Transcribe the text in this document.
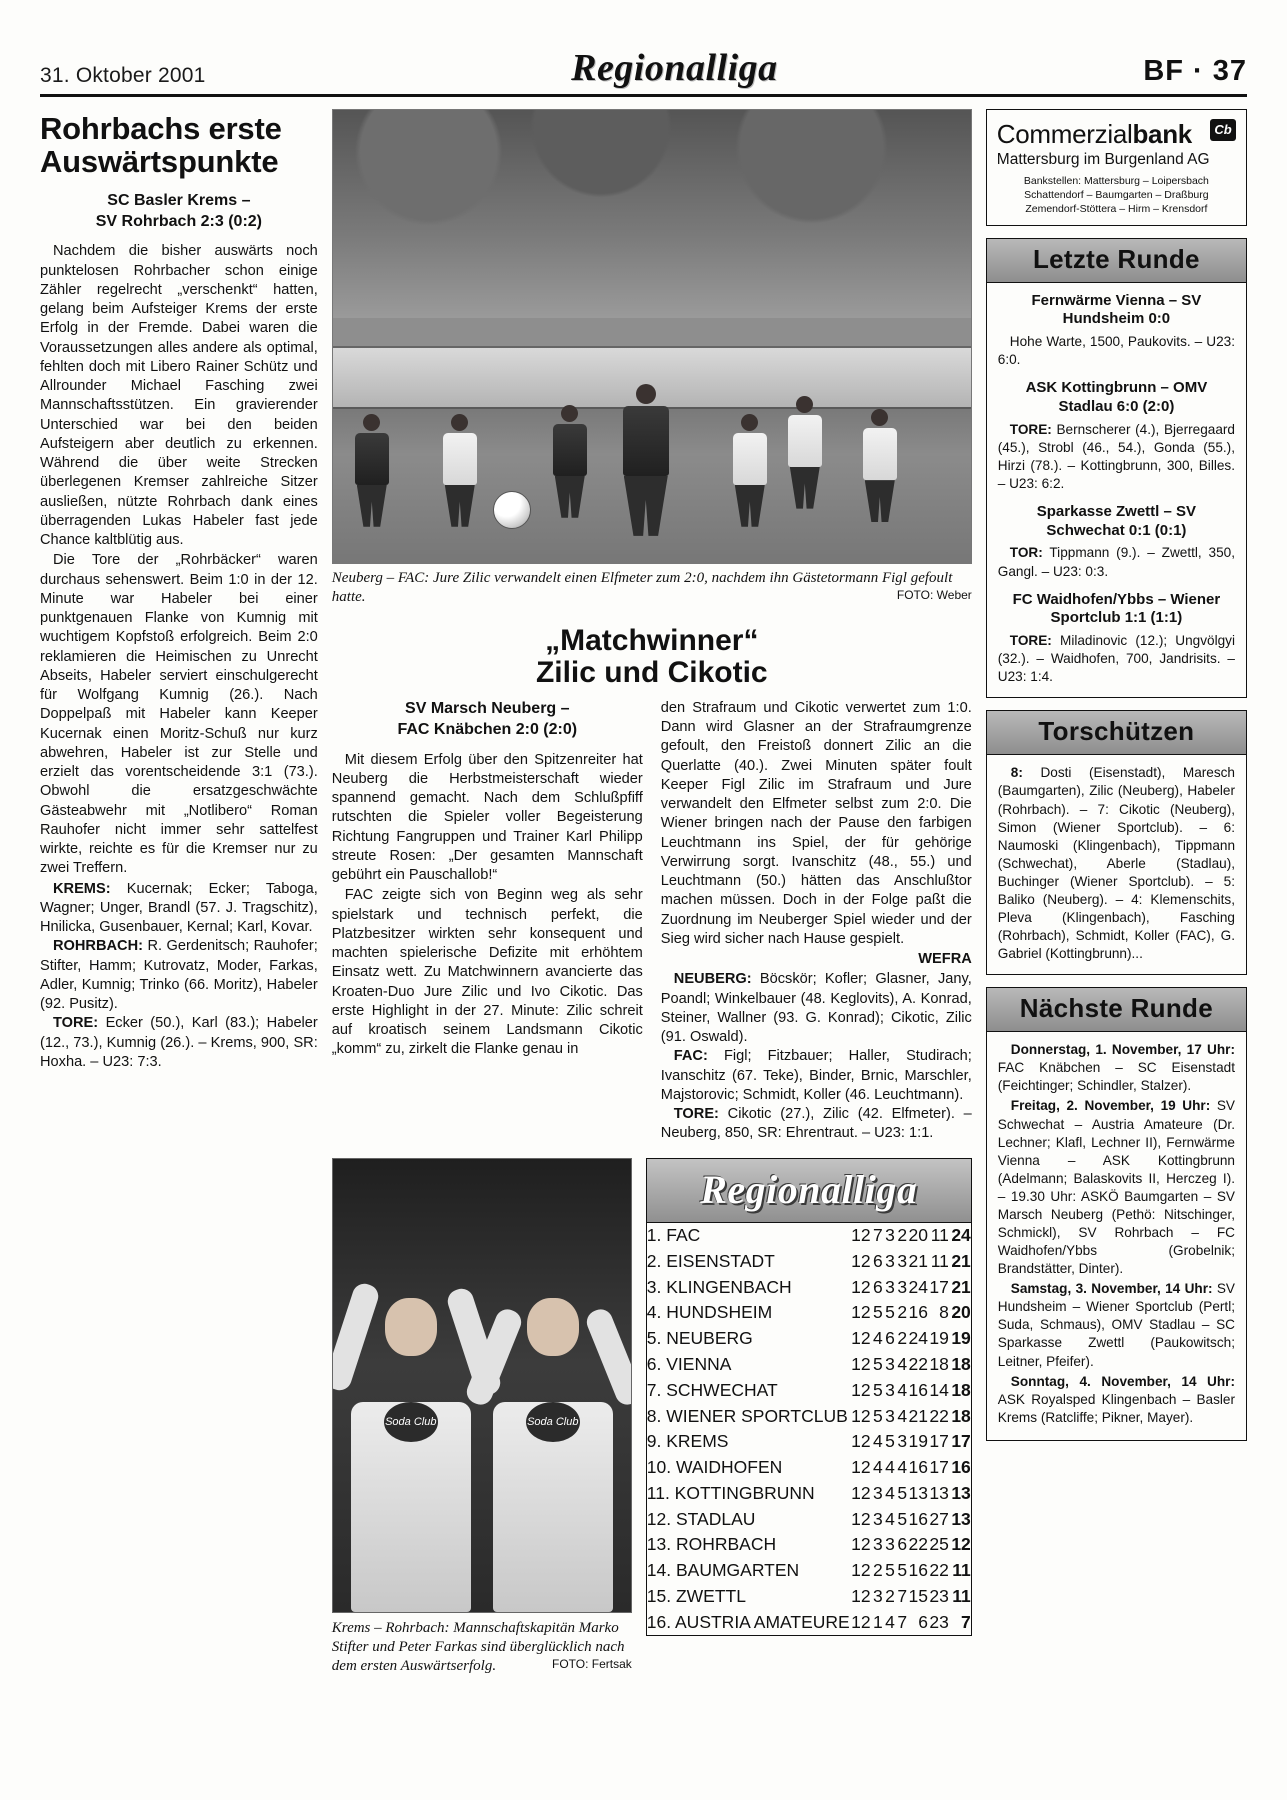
31. Oktober 2001	Regionalliga	BF · 37
Rohrbachs erste Auswärtspunkte
SC Basler Krems –
SV Rohrbach 2:3 (0:2)

Nachdem die bisher auswärts noch punktelosen Rohrbacher schon einige Zähler regelrecht „verschenkt“ hatten, gelang beim Aufsteiger Krems der erste Erfolg in der Fremde. Dabei waren die Voraussetzungen alles andere als optimal, fehlten doch mit Libero Rainer Schütz und Allrounder Michael Fasching zwei Mannschaftsstützen. Ein gravierender Unterschied war bei den beiden Aufsteigern aber deutlich zu erkennen. Während die über weite Strecken überlegenen Kremser zahlreiche Sitzer ausließen, nützte Rohrbach dank eines überragenden Lukas Habeler fast jede Chance kaltblütig aus.

Die Tore der „Rohrbäcker“ waren durchaus sehenswert. Beim 1:0 in der 12. Minute war Habeler bei einer punktgenauen Flanke von Kumnig mit wuchtigem Kopfstoß erfolgreich. Beim 2:0 reklamieren die Heimischen zu Unrecht Abseits, Habeler serviert einschulgerecht für Wolfgang Kumnig (26.). Nach Doppelpaß mit Habeler kann Keeper Kucernak einen Moritz-Schuß nur kurz abwehren, Habeler ist zur Stelle und erzielt das vorentscheidende 3:1 (73.). Obwohl die ersatzgeschwächte Gästeabwehr mit „Notlibero“ Roman Rauhofer nicht immer sehr sattelfest wirkte, reichte es für die Kremser nur zu zwei Treffern.

KREMS: Kucernak; Ecker; Taboga, Wagner; Unger, Brandl (57. J. Tragschitz), Hnilicka, Gusenbauer, Kernal; Karl, Kovar.

ROHRBACH: R. Gerdenitsch; Rauhofer; Stifter, Hamm; Kutrovatz, Moder, Farkas, Adler, Kumnig; Trinko (66. Moritz), Habeler (92. Pusitz).

TORE: Ecker (50.), Karl (83.); Habeler (12., 73.), Kumnig (26.). – Krems, 900, SR: Hoxha. – U23: 7:3.

Neuberg – FAC: Jure Zilic verwandelt einen Elfmeter zum 2:0, nachdem ihn Gästetormann Figl gefoult hatte.	FOTO: Weber
„Matchwinner“
Zilic und Cikotic
SV Marsch Neuberg –
FAC Knäbchen 2:0 (2:0)

Mit diesem Erfolg über den Spitzenreiter hat Neuberg die Herbstmeisterschaft wieder spannend gemacht. Nach dem Schlußpfiff rutschten die Spieler voller Begeisterung Richtung Fangruppen und Trainer Karl Philipp streute Rosen: „Der gesamten Mannschaft gebührt ein Pauschallob!“

FAC zeigte sich von Beginn weg als sehr spielstark und technisch perfekt, die Platzbesitzer wirkten sehr konsequent und machten spielerische Defizite mit erhöhtem Einsatz wett. Zu Matchwinnern avancierte das Kroaten-Duo Jure Zilic und Ivo Cikotic. Das erste Highlight in der 27. Minute: Zilic schreit auf kroatisch seinem Landsmann Cikotic „komm“ zu, zirkelt die Flanke genau in

den Strafraum und Cikotic verwertet zum 1:0. Dann wird Glasner an der Strafraumgrenze gefoult, den Freistoß donnert Zilic an die Querlatte (40.). Zwei Minuten später foult Keeper Figl Zilic im Strafraum und Jure verwandelt den Elfmeter selbst zum 2:0. Die Wiener bringen nach der Pause den farbigen Leuchtmann ins Spiel, der für gehörige Verwirrung sorgt. Ivanschitz (48., 55.) und Leuchtmann (50.) hätten das Anschlußtor machen müssen. Doch in der Folge paßt die Zuordnung im Neuberger Spiel wieder und der Sieg wird sicher nach Hause gespielt.

WEFRA

NEUBERG: Böcskör; Kofler; Glasner, Jany, Poandl; Winkelbauer (48. Keglovits), A. Konrad, Steiner, Wallner (93. G. Konrad); Cikotic, Zilic (91. Oswald).

FAC: Figl; Fitzbauer; Haller, Studirach; Ivanschitz (67. Teke), Binder, Brnic, Marschler, Majstorovic; Schmidt, Koller (46. Leuchtmann).

TORE: Cikotic (27.), Zilic (42. Elfmeter). – Neuberg, 850, SR: Ehrentraut. – U23: 1:1.

Soda Club	Soda Club
Krems – Rohrbach: Mannschaftskapitän Marko Stifter und Peter Farkas sind überglücklich nach dem ersten Auswärtserfolg.	FOTO: Fertsak
Regionalliga
1. FAC	12	7	3	2	20	11	24
2. EISENSTADT	12	6	3	3	21	11	21
3. KLINGENBACH	12	6	3	3	24	17	21
4. HUNDSHEIM	12	5	5	2	16	8	20
5. NEUBERG	12	4	6	2	24	19	19
6. VIENNA	12	5	3	4	22	18	18
7. SCHWECHAT	12	5	3	4	16	14	18
8. WIENER SPORTCLUB	12	5	3	4	21	22	18
9. KREMS	12	4	5	3	19	17	17
10. WAIDHOFEN	12	4	4	4	16	17	16
11. KOTTINGBRUNN	12	3	4	5	13	13	13
12. STADLAU	12	3	4	5	16	27	13
13. ROHRBACH	12	3	3	6	22	25	12
14. BAUMGARTEN	12	2	5	5	16	22	11
15. ZWETTL	12	3	2	7	15	23	11
16. AUSTRIA AMATEURE	12	1	4	7	6	23	7
Cb
Commerzialbank
Mattersburg im Burgenland AG
Bankstellen: Mattersburg – Loipersbach
Schattendorf – Baumgarten – Draßburg
Zemendorf-Stöttera – Hirm – Krensdorf
Letzte Runde
Fernwärme Vienna – SV Hundsheim 0:0

Hohe Warte, 1500, Paukovits. – U23: 6:0.

ASK Kottingbrunn – OMV Stadlau 6:0 (2:0)

TORE: Bernscherer (4.), Bjerregaard (45.), Strobl (46., 54.), Gonda (55.), Hirzi (78.). – Kottingbrunn, 300, Billes. – U23: 6:2.

Sparkasse Zwettl – SV Schwechat 0:1 (0:1)

TOR: Tippmann (9.). – Zwettl, 350, Gangl. – U23: 0:3.

FC Waidhofen/Ybbs – Wiener Sportclub 1:1 (1:1)

TORE: Miladinovic (12.); Ungvölgyi (32.). – Waidhofen, 700, Jandrisits. – U23: 1:4.

Torschützen

8: Dosti (Eisenstadt), Maresch (Baumgarten), Zilic (Neuberg), Habeler (Rohrbach). – 7: Cikotic (Neuberg), Simon (Wiener Sportclub). – 6: Naumoski (Klingenbach), Tippmann (Schwechat), Aberle (Stadlau), Buchinger (Wiener Sportclub). – 5: Baliko (Neuberg). – 4: Klemenschits, Pleva (Klingenbach), Fasching (Rohrbach), Schmidt, Koller (FAC), G. Gabriel (Kottingbrunn)...

Nächste Runde

Donnerstag, 1. November, 17 Uhr: FAC Knäbchen – SC Eisenstadt (Feichtinger; Schindler, Stalzer).

Freitag, 2. November, 19 Uhr: SV Schwechat – Austria Amateure (Dr. Lechner; Klafl, Lechner II), Fernwärme Vienna – ASK Kottingbrunn (Adelmann; Balaskovits II, Herczeg I). – 19.30 Uhr: ASKÖ Baumgarten – SV Marsch Neuberg (Pethö: Nitschinger, Schmickl), SV Rohrbach – FC Waidhofen/Ybbs (Grobelnik; Brandstätter, Dinter).

Samstag, 3. November, 14 Uhr: SV Hundsheim – Wiener Sportclub (Pertl; Suda, Schmaus), OMV Stadlau – SC Sparkasse Zwettl (Paukowitsch; Leitner, Pfeifer).

Sonntag, 4. November, 14 Uhr: ASK Royalsped Klingenbach – Basler Krems (Ratcliffe; Pikner, Mayer).
